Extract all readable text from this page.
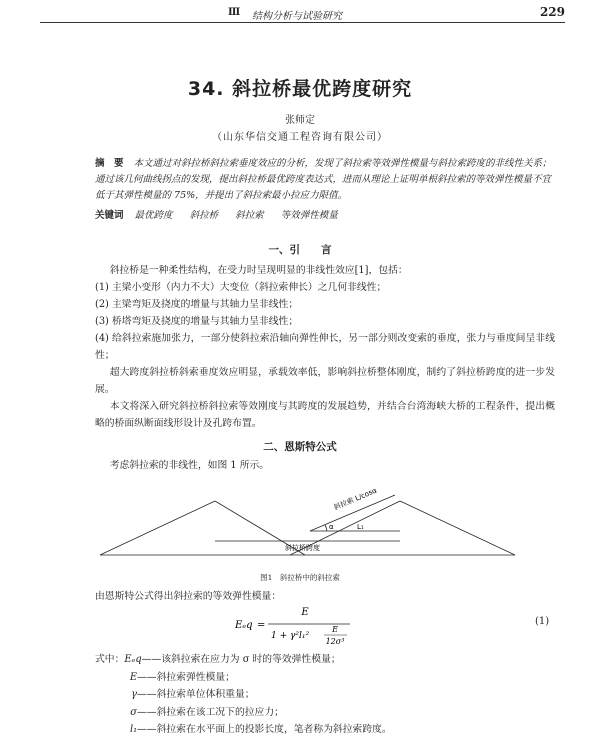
Ⅲ 结构分析与试验研究	229
34. 斜拉桥最优跨度研究
张师定
（山东华信交通工程咨询有限公司）
摘　要 本文通过对斜拉桥斜拉索垂度效应的分析，发现了斜拉索等效弹性模量与斜拉索跨度的非线性关系；通过该几何曲线拐点的发现，提出斜拉桥最优跨度表达式，进而从理论上证明单根斜拉索的等效弹性模量不宜低于其弹性模量的 75%，并提出了斜拉索最小拉应力限值。
关键词 最优跨度 斜拉桥 斜拉索 等效弹性模量
一、引　　言
斜拉桥是一种柔性结构，在受力时呈现明显的非线性效应[1]，包括：
(1) 主梁小变形（内力不大）大变位（斜拉索伸长）之几何非线性；
(2) 主梁弯矩及挠度的增量与其轴力呈非线性；
(3) 桥塔弯矩及挠度的增量与其轴力呈非线性；
(4) 给斜拉索施加张力，一部分使斜拉索沿轴向弹性伸长，另一部分则改变索的垂度，张力与垂度间呈非线性；
超大跨度斜拉桥斜索垂度效应明显，承载效率低，影响斜拉桥整体刚度，制约了斜拉桥跨度的进一步发展。
本文将深入研究斜拉桥斜拉索等效刚度与其跨度的发展趋势，并结合台湾海峡大桥的工程条件，提出概略的桥面纵断面线形设计及孔跨布置。
二、恩斯特公式
考虑斜拉索的非线性，如图 1 所示。
斜拉索 L/cosα
α	L₁
斜拉桥跨度
图1　斜拉桥中的斜拉索
由恩斯特公式得出斜拉索的等效弹性模量：
Eₑq =
E
1 + γ²l₁²
E
12σ³
(1)
式中：Eₑq——该斜拉索在应力为 σ 时的等效弹性模量；
E——斜拉索弹性模量；
γ——斜拉索单位体积重量；
σ——斜拉索在该工况下的拉应力；
l₁——斜拉索在水平面上的投影长度，笔者称为斜拉索跨度。
